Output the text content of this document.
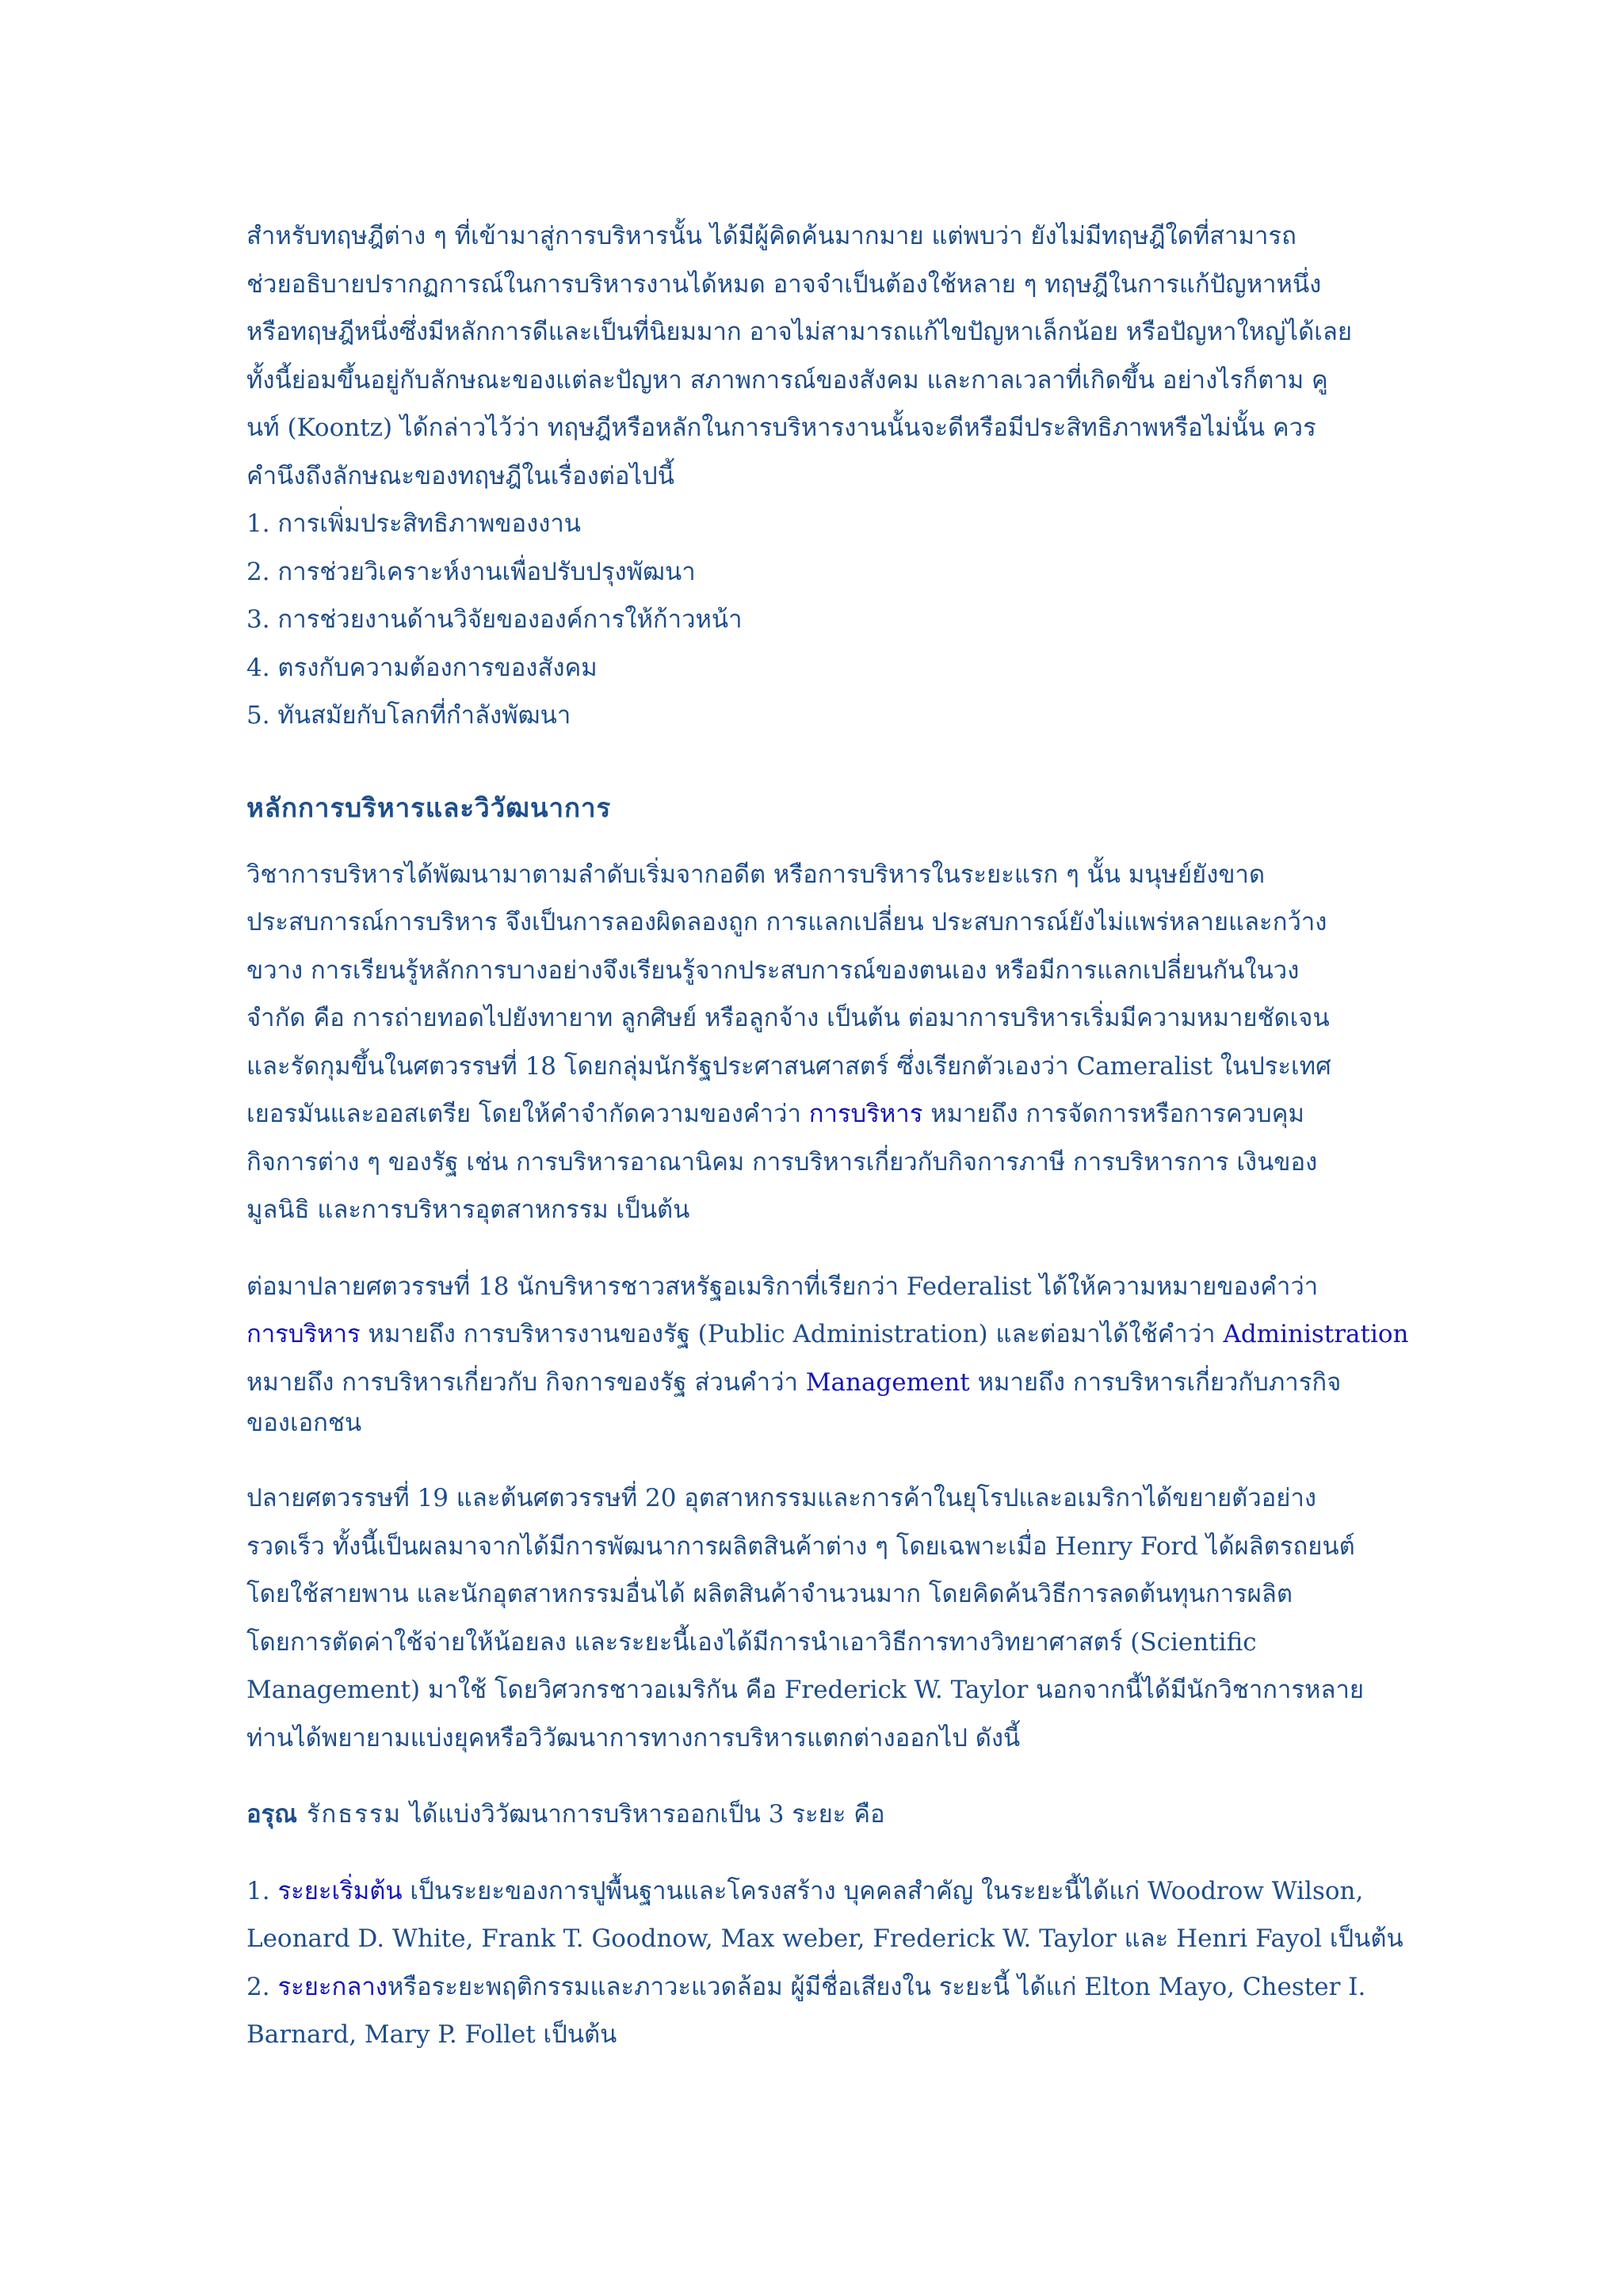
สำหรับทฤษฎีต่าง ๆ ที่เข้ามาสู่การบริหารนั้น ได้มีผู้คิดค้นมากมาย แต่พบว่า ยังไม่มีทฤษฎีใดที่สามารถ
ช่วยอธิบายปรากฏการณ์ในการบริหารงานได้หมด อาจจำเป็นต้องใช้หลาย ๆ ทฤษฎีในการแก้ปัญหาหนึ่ง
หรือทฤษฎีหนึ่งซึ่งมีหลักการดีและเป็นที่นิยมมาก อาจไม่สามารถแก้ไขปัญหาเล็กน้อย หรือปัญหาใหญ่ได้เลย
ทั้งนี้ย่อมขึ้นอยู่กับลักษณะของแต่ละปัญหา สภาพการณ์ของสังคม และกาลเวลาที่เกิดขึ้น อย่างไรก็ตาม คู
นท์ (Koontz) ได้กล่าวไว้ว่า ทฤษฎีหรือหลักในการบริหารงานนั้นจะดีหรือมีประสิทธิภาพหรือไม่นั้น ควร
คำนึงถึงลักษณะของทฤษฎีในเรื่องต่อไปนี้
1. การเพิ่มประสิทธิภาพของงาน
2. การช่วยวิเคราะห์งานเพื่อปรับปรุงพัฒนา
3. การช่วยงานด้านวิจัยขององค์การให้ก้าวหน้า
4. ตรงกับความต้องการของสังคม
5. ทันสมัยกับโลกที่กำลังพัฒนา
หลักการบริหารและวิวัฒนาการ
วิชาการบริหารได้พัฒนามาตามลำดับเริ่มจากอดีต หรือการบริหารในระยะแรก ๆ นั้น มนุษย์ยังขาด
ประสบการณ์การบริหาร จึงเป็นการลองผิดลองถูก การแลกเปลี่ยน ประสบการณ์ยังไม่แพร่หลายและกว้าง
ขวาง การเรียนรู้หลักการบางอย่างจึงเรียนรู้จากประสบการณ์ของตนเอง หรือมีการแลกเปลี่ยนกันในวง
จำกัด คือ การถ่ายทอดไปยังทายาท ลูกศิษย์ หรือลูกจ้าง เป็นต้น ต่อมาการบริหารเริ่มมีความหมายชัดเจน
และรัดกุมขึ้นในศตวรรษที่ 18 โดยกลุ่มนักรัฐประศาสนศาสตร์ ซึ่งเรียกตัวเองว่า Cameralist ในประเทศ
เยอรมันและออสเตรีย โดยให้คำจำกัดความของคำว่า การบริหาร หมายถึง การจัดการหรือการควบคุม
กิจการต่าง ๆ ของรัฐ เช่น การบริหารอาณานิคม การบริหารเกี่ยวกับกิจการภาษี การบริหารการ เงินของ
มูลนิธิ และการบริหารอุตสาหกรรม เป็นต้น
ต่อมาปลายศตวรรษที่ 18 นักบริหารชาวสหรัฐอเมริกาที่เรียกว่า Federalist ได้ให้ความหมายของคำว่า
การบริหาร หมายถึง การบริหารงานของรัฐ (Public Administration) และต่อมาได้ใช้คำว่า Administration
หมายถึง การบริหารเกี่ยวกับ กิจการของรัฐ ส่วนคำว่า Management หมายถึง การบริหารเกี่ยวกับภารกิจ
ของเอกชน
ปลายศตวรรษที่ 19 และต้นศตวรรษที่ 20 อุตสาหกรรมและการค้าในยุโรปและอเมริกาได้ขยายตัวอย่าง
รวดเร็ว ทั้งนี้เป็นผลมาจากได้มีการพัฒนาการผลิตสินค้าต่าง ๆ โดยเฉพาะเมื่อ Henry Ford ได้ผลิตรถยนต์
โดยใช้สายพาน และนักอุตสาหกรรมอื่นได้ ผลิตสินค้าจำนวนมาก โดยคิดค้นวิธีการลดต้นทุนการผลิต
โดยการตัดค่าใช้จ่ายให้น้อยลง และระยะนี้เองได้มีการนำเอาวิธีการทางวิทยาศาสตร์ (Scientific
Management) มาใช้ โดยวิศวกรชาวอเมริกัน คือ Frederick W. Taylor นอกจากนี้ได้มีนักวิชาการหลาย
ท่านได้พยายามแบ่งยุคหรือวิวัฒนาการทางการบริหารแตกต่างออกไป ดังนี้
อรุณ รักธรรม ได้แบ่งวิวัฒนาการบริหารออกเป็น 3 ระยะ คือ
1. ระยะเริ่มต้น เป็นระยะของการปูพื้นฐานและโครงสร้าง บุคคลสำคัญ ในระยะนี้ได้แก่ Woodrow Wilson,
Leonard D. White, Frank T. Goodnow, Max weber, Frederick W. Taylor และ Henri Fayol เป็นต้น
2. ระยะกลางหรือระยะพฤติกรรมและภาวะแวดล้อม ผู้มีชื่อเสียงใน ระยะนี้ ได้แก่ Elton Mayo, Chester I.
Barnard, Mary P. Follet เป็นต้น
